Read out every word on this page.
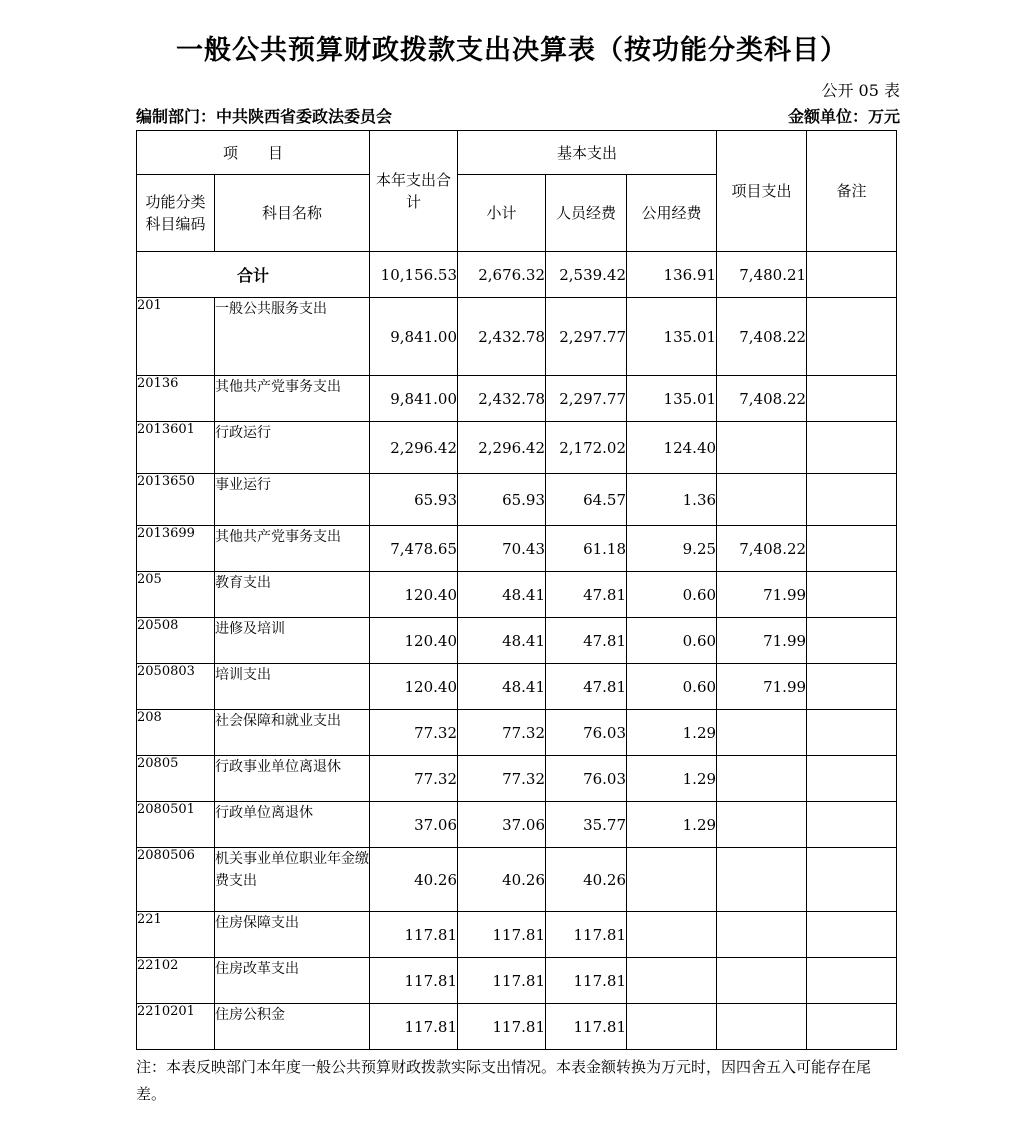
一般公共预算财政拨款支出决算表（按功能分类科目）
公开 05 表
编制部门：中共陕西省委政法委员会	金额单位：万元
项　　目		本年支出合计	基本支出			项目支出	备注
功能分类科目编码	科目名称		小计	人员经费	公用经费		
合计		10,156.53	2,676.32	2,539.42	136.91	7,480.21	
201	一般公共服务支出	9,841.00	2,432.78	2,297.77	135.01	7,408.22	
20136	其他共产党事务支出	9,841.00	2,432.78	2,297.77	135.01	7,408.22	
2013601	行政运行	2,296.42	2,296.42	2,172.02	124.40		
2013650	事业运行	65.93	65.93	64.57	1.36		
2013699	其他共产党事务支出	7,478.65	70.43	61.18	9.25	7,408.22	
205	教育支出	120.40	48.41	47.81	0.60	71.99	
20508	进修及培训	120.40	48.41	47.81	0.60	71.99	
2050803	培训支出	120.40	48.41	47.81	0.60	71.99	
208	社会保障和就业支出	77.32	77.32	76.03	1.29		
20805	行政事业单位离退休	77.32	77.32	76.03	1.29		
2080501	行政单位离退休	37.06	37.06	35.77	1.29		
2080506	机关事业单位职业年金缴费支出	40.26	40.26	40.26			
221	住房保障支出	117.81	117.81	117.81			
22102	住房改革支出	117.81	117.81	117.81			
2210201	住房公积金	117.81	117.81	117.81			
注：本表反映部门本年度一般公共预算财政拨款实际支出情况。本表金额转换为万元时，因四舍五入可能存在尾差。
